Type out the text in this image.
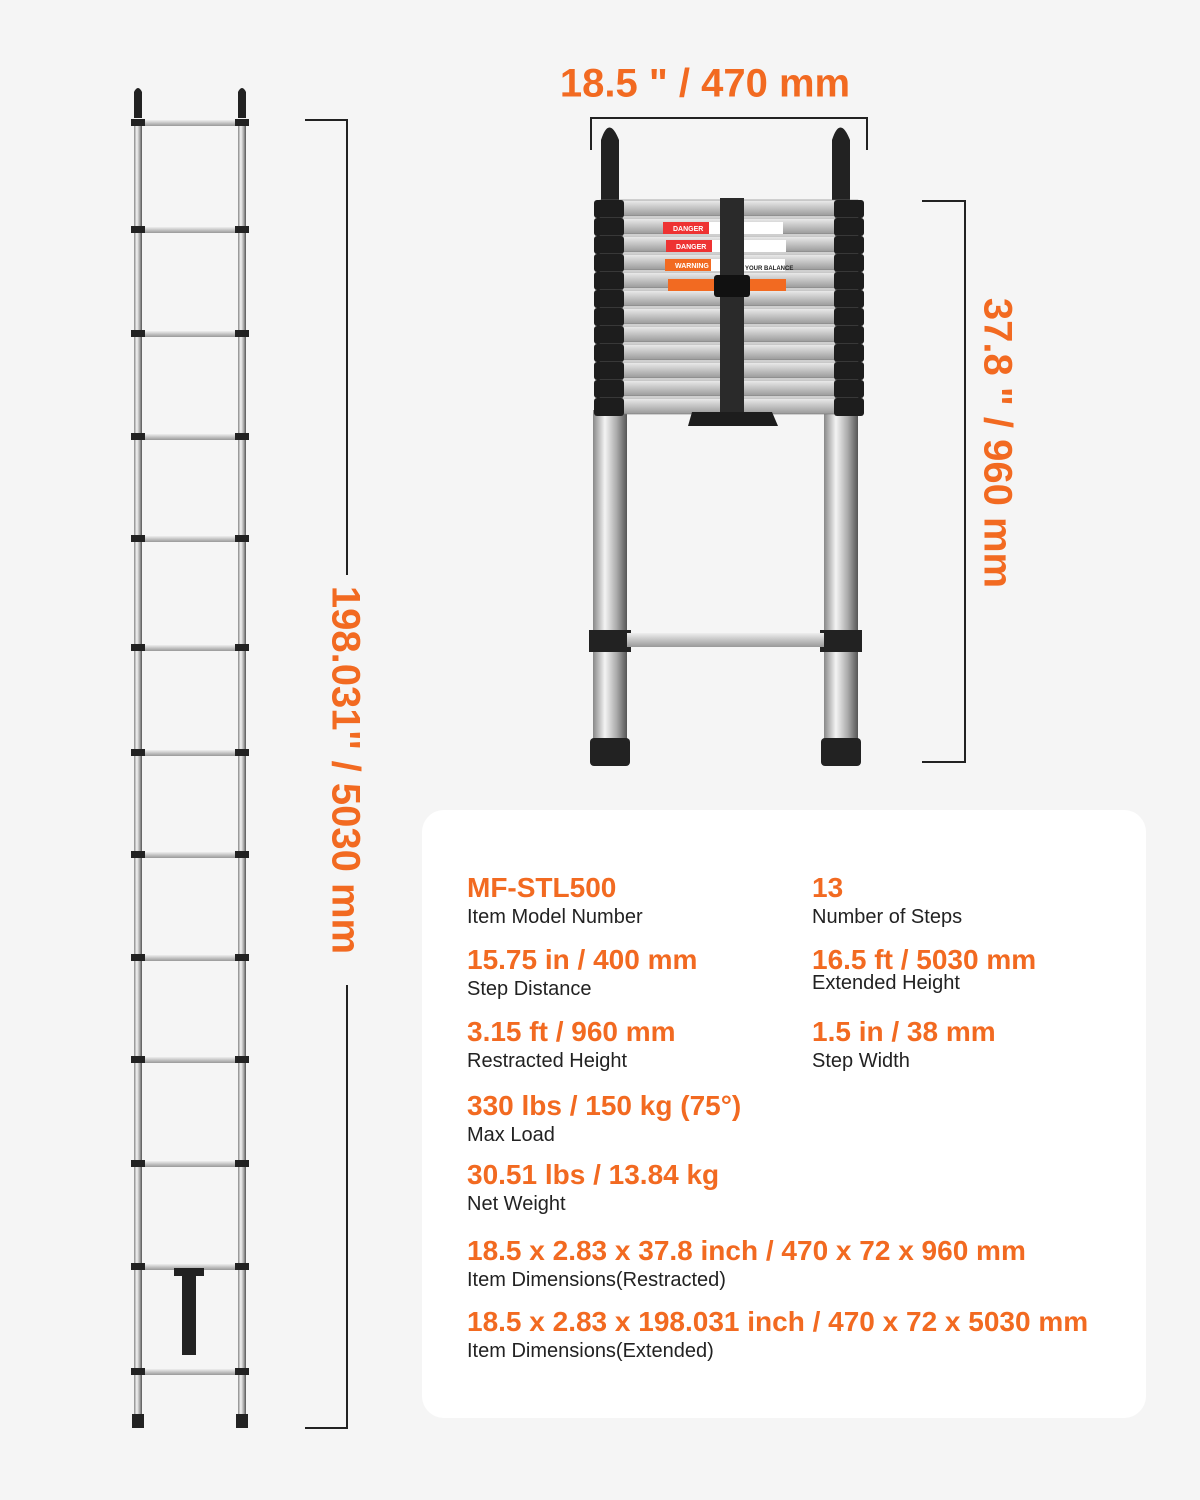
DANGER
DANGER
WARNING	YOUR BALANCE
198.031'' / 5030 mm
18.5 " / 470 mm
37.8 " / 960 mm
MF-STL500
Item Model Number
13
Number of Steps
15.75 in / 400 mm
Step Distance
16.5 ft / 5030 mm
Extended Height
3.15 ft / 960 mm
Restracted Height
1.5 in / 38 mm
Step Width
330 lbs / 150 kg (75°)
Max Load
30.51 lbs / 13.84 kg
Net Weight
18.5 x 2.83 x 37.8 inch / 470 x 72 x 960 mm
Item Dimensions(Restracted)
18.5 x 2.83 x 198.031 inch / 470 x 72 x 5030 mm
Item Dimensions(Extended)
